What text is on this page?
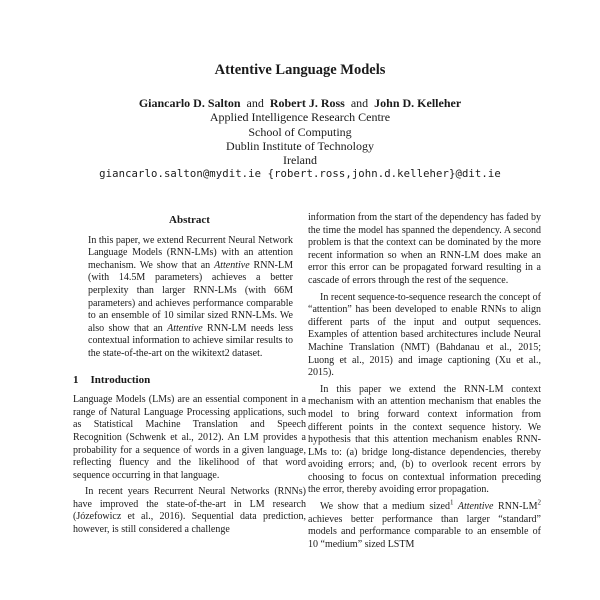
Attentive Language Models
Giancarlo D. Salton and Robert J. Ross and John D. Kelleher
Applied Intelligence Research Centre
School of Computing
Dublin Institute of Technology
Ireland
giancarlo.salton@mydit.ie {robert.ross,john.d.kelleher}@dit.ie
Abstract
In this paper, we extend Recurrent Neural Network Language Models (RNN-LMs) with an attention mechanism. We show that an Attentive RNN-LM (with 14.5M parameters) achieves a better perplexity than larger RNN-LMs (with 66M parameters) and achieves performance comparable to an ensemble of 10 similar sized RNN-LMs. We also show that an Attentive RNN-LM needs less contextual information to achieve similar results to the state-of-the-art on the wikitext2 dataset.
1 Introduction

Language Models (LMs) are an essential component in a range of Natural Language Processing applications, such as Statistical Machine Translation and Speech Recognition (Schwenk et al., 2012). An LM provides a probability for a sequence of words in a given language, reflecting fluency and the likelihood of that word sequence occurring in that language.

In recent years Recurrent Neural Networks (RNNs) have improved the state-of-the-art in LM research (Józefowicz et al., 2016). Sequential data prediction, however, is still considered a challenge

information from the start of the dependency has faded by the time the model has spanned the dependency. A second problem is that the context can be dominated by the more recent information so when an RNN-LM does make an error this error can be propagated forward resulting in a cascade of errors through the rest of the sequence.

In recent sequence-to-sequence research the concept of “attention” has been developed to enable RNNs to align different parts of the input and output sequences. Examples of attention based architectures include Neural Machine Translation (NMT) (Bahdanau et al., 2015; Luong et al., 2015) and image captioning (Xu et al., 2015).

In this paper we extend the RNN-LM context mechanism with an attention mechanism that enables the model to bring forward context information from different points in the context sequence history. We hypothesis that this attention mechanism enables RNN-LMs to: (a) bridge long-distance dependencies, thereby avoiding errors; and, (b) to overlook recent errors by choosing to focus on contextual information preceding the error, thereby avoiding error propagation.

We show that a medium sized$^1$ Attentive RNN-$LM^2$ achieves better performance than larger “standard” models and performance comparable to an ensemble of 10 “medium” sized LSTM
